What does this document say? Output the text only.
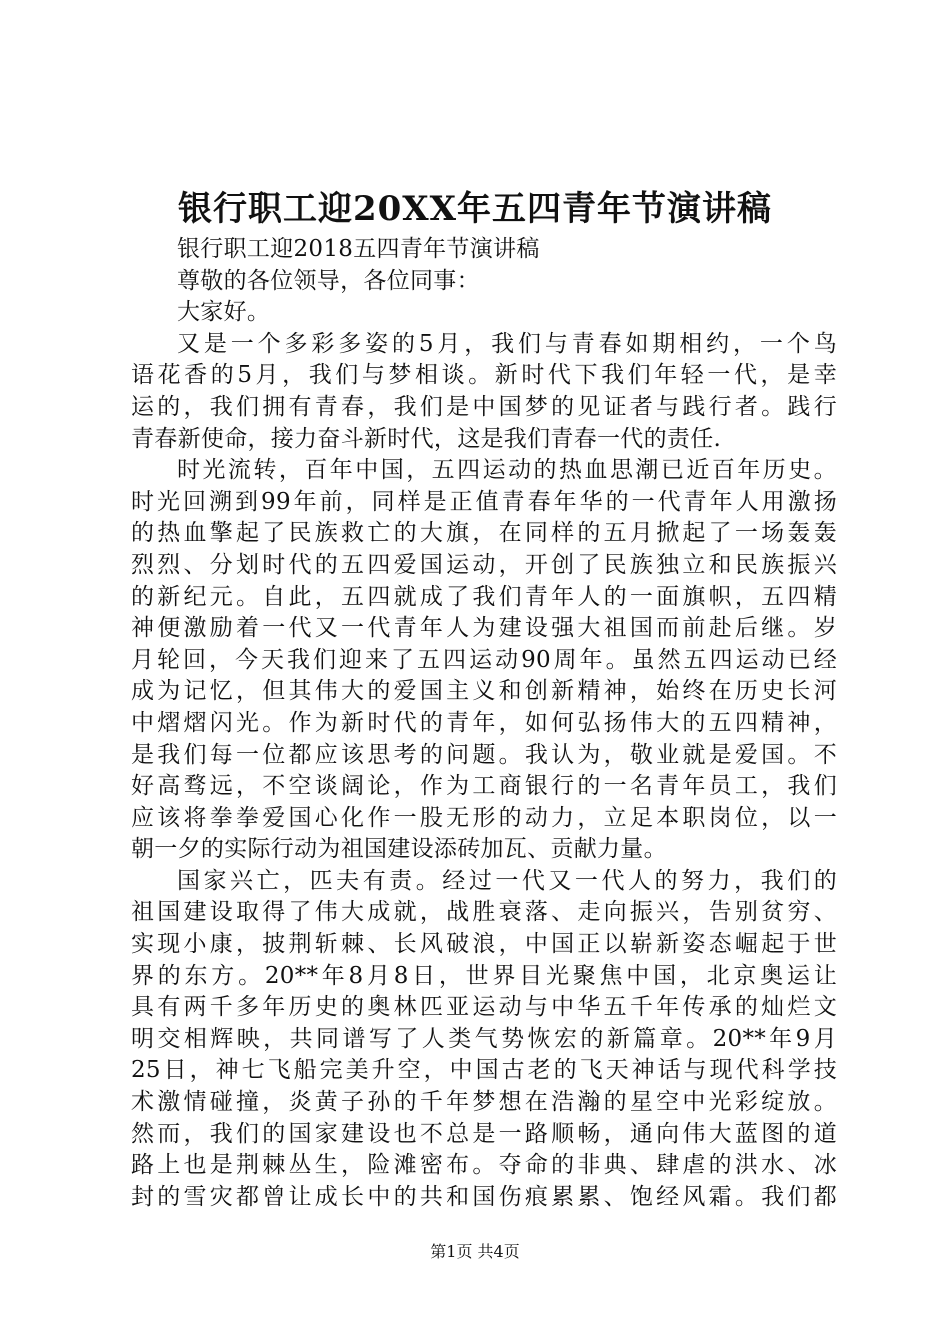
银行职工迎20XX年五四青年节演讲稿
银行职工迎2018五四青年节演讲稿
尊敬的各位领导，各位同事：
大家好。
又是一个多彩多姿的5月，我们与青春如期相约，一个鸟
语花香的5月，我们与梦相谈。新时代下我们年轻一代，是幸
运的，我们拥有青春，我们是中国梦的见证者与践行者。践行
青春新使命，接力奋斗新时代，这是我们青春一代的责任.
时光流转，百年中国，五四运动的热血思潮已近百年历史。
时光回溯到99年前，同样是正值青春年华的一代青年人用激扬
的热血擎起了民族救亡的大旗，在同样的五月掀起了一场轰轰
烈烈、分划时代的五四爱国运动，开创了民族独立和民族振兴
的新纪元。自此，五四就成了我们青年人的一面旗帜，五四精
神便激励着一代又一代青年人为建设强大祖国而前赴后继。岁
月轮回，今天我们迎来了五四运动90周年。虽然五四运动已经
成为记忆，但其伟大的爱国主义和创新精神，始终在历史长河
中熠熠闪光。作为新时代的青年，如何弘扬伟大的五四精神，
是我们每一位都应该思考的问题。我认为，敬业就是爱国。不
好高骛远，不空谈阔论，作为工商银行的一名青年员工，我们
应该将拳拳爱国心化作一股无形的动力，立足本职岗位，以一
朝一夕的实际行动为祖国建设添砖加瓦、贡献力量。
国家兴亡，匹夫有责。经过一代又一代人的努力，我们的
祖国建设取得了伟大成就，战胜衰落、走向振兴，告别贫穷、
实现小康，披荆斩棘、长风破浪，中国正以崭新姿态崛起于世
界的东方。20**年8月8日，世界目光聚焦中国，北京奥运让
具有两千多年历史的奥林匹亚运动与中华五千年传承的灿烂文
明交相辉映，共同谱写了人类气势恢宏的新篇章。20**年9月
25日，神七飞船完美升空，中国古老的飞天神话与现代科学技
术激情碰撞，炎黄子孙的千年梦想在浩瀚的星空中光彩绽放。
然而，我们的国家建设也不总是一路顺畅，通向伟大蓝图的道
路上也是荆棘丛生，险滩密布。夺命的非典、肆虐的洪水、冰
封的雪灾都曾让成长中的共和国伤痕累累、饱经风霜。我们都
第1页 共4页
